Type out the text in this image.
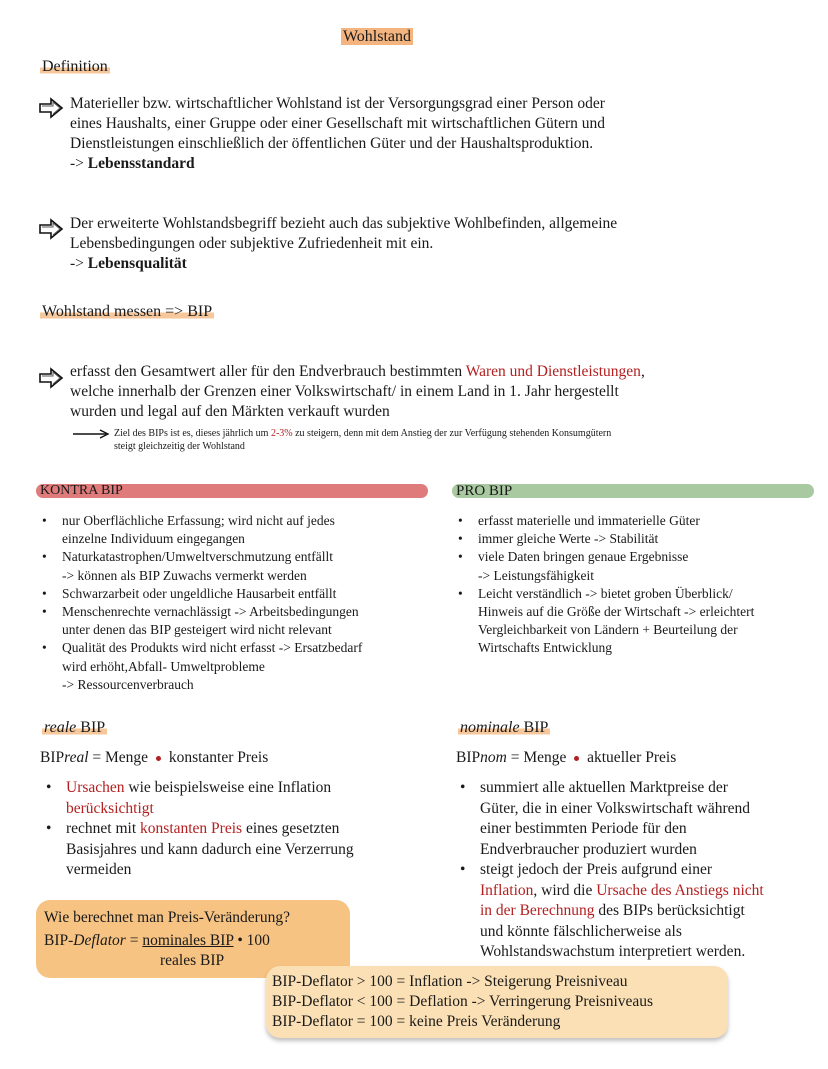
Wohlstand
Definition
Materieller bzw. wirtschaftlicher Wohlstand ist der Versorgungsgrad einer Person oder
eines Haushalts, einer Gruppe oder einer Gesellschaft mit wirtschaftlichen Gütern und
Dienstleistungen einschließlich der öffentlichen Güter und der Haushaltsproduktion.
-> Lebensstandard
Der erweiterte Wohlstandsbegriff bezieht auch das subjektive Wohlbefinden, allgemeine
Lebensbedingungen oder subjektive Zufriedenheit mit ein.
-> Lebensqualität
Wohlstand messen => BIP
erfasst den Gesamtwert aller für den Endverbrauch bestimmten Waren und Dienstleistungen,
welche innerhalb der Grenzen einer Volkswirtschaft/ in einem Land in 1. Jahr hergestellt
wurden und legal auf den Märkten verkauft wurden
Ziel des BIPs ist es, dieses jährlich um 2-3% zu steigern, denn mit dem Anstieg der zur Verfügung stehenden Konsumgütern
steigt gleichzeitig der Wohlstand
KONTRA BIP	PRO BIP
• nur Oberflächliche Erfassung; wird nicht auf jedes
einzelne Individuum eingegangen
• Naturkatastrophen/Umweltverschmutzung entfällt
-> können als BIP Zuwachs vermerkt werden
• Schwarzarbeit oder ungeldliche Hausarbeit entfällt
• Menschenrechte vernachlässigt -> Arbeitsbedingungen
unter denen das BIP gesteigert wird nicht relevant
• Qualität des Produkts wird nicht erfasst -> Ersatzbedarf
wird erhöht,Abfall- Umweltprobleme
-> Ressourcenverbrauch
• erfasst materielle und immaterielle Güter
• immer gleiche Werte -> Stabilität
• viele Daten bringen genaue Ergebnisse
-> Leistungsfähigkeit
• Leicht verständlich -> bietet groben Überblick/
Hinweis auf die Größe der Wirtschaft -> erleichtert
Vergleichbarkeit von Ländern + Beurteilung der
Wirtschafts Entwicklung
reale BIP
BIPreal = Menge  konstanter Preis
• Ursachen wie beispielsweise eine Inflation
berücksichtigt
• rechnet mit konstanten Preis eines gesetzten
Basisjahres und kann dadurch eine Verzerrung
vermeiden
nominale BIP
BIPnom = Menge  aktueller Preis
• summiert alle aktuellen Marktpreise der
Güter, die in einer Volkswirtschaft während
einer bestimmten Periode für den
Endverbraucher produziert wurden
• steigt jedoch der Preis aufgrund einer
Inflation, wird die Ursache des Anstiegs nicht
in der Berechnung des BIPs berücksichtigt
und könnte fälschlicherweise als
Wohlstandswachstum interpretiert werden.
Wie berechnet man Preis-Veränderung?
BIP-Deflator = nominales BIP • 100
reales BIP
BIP-Deflator > 100 = Inflation -> Steigerung Preisniveau
BIP-Deflator < 100 = Deflation -> Verringerung Preisniveaus
BIP-Deflator = 100 = keine Preis Veränderung
